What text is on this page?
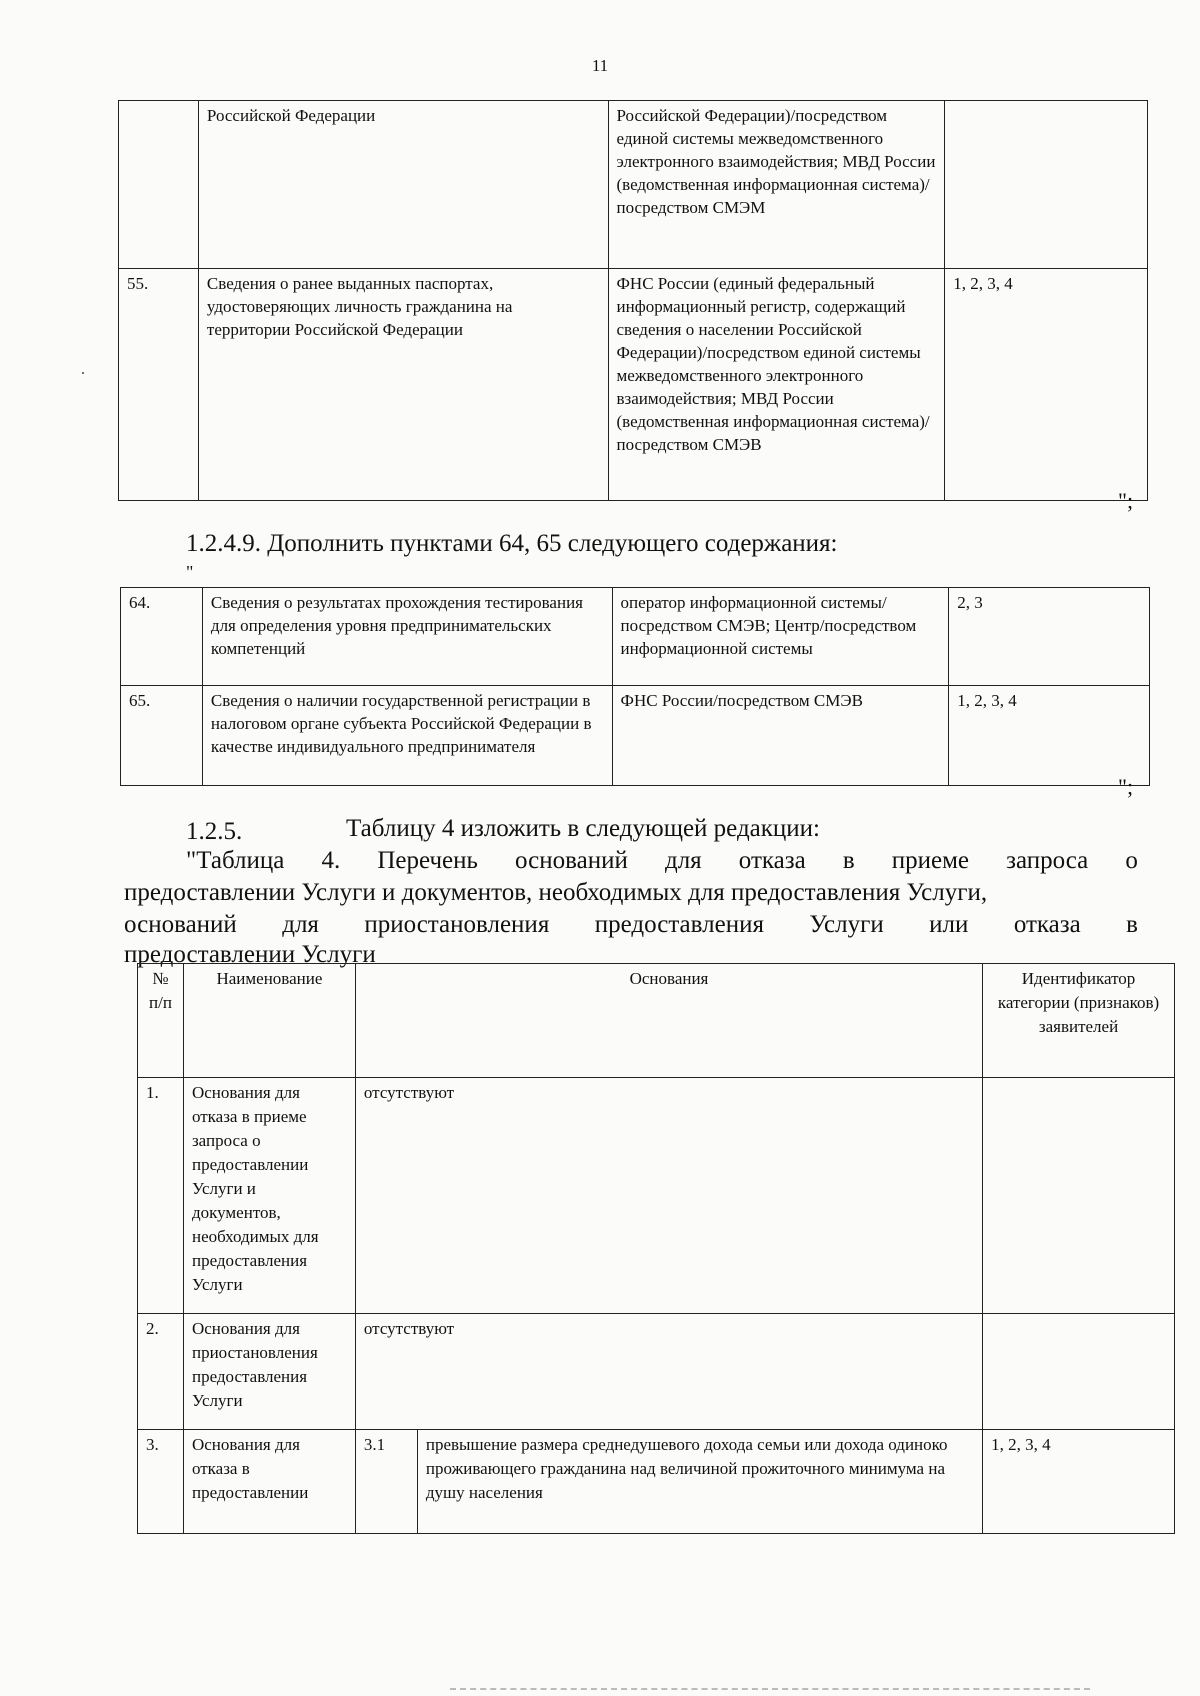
11
	Российской Федерации	Российской Федерации)/посредством единой системы межведомственного электронного взаимодействия; МВД России (ведомственная информационная система)/посредством СМЭМ	
55.	Сведения о ранее выданных паспортах, удостоверяющих личность гражданина на территории Российской Федерации	ФНС России (единый федеральный информационный регистр, содержащий сведения о населении Российской Федерации)/посредством единой системы межведомственного электронного взаимодействия; МВД России (ведомственная информационная система)/посредством СМЭВ	1, 2, 3, 4
";
1.2.4.9. Дополнить пунктами 64, 65 следующего содержания:
"
64.	Сведения о результатах прохождения тестирования для определения уровня предпринимательских компетенций	оператор информационной системы/посредством СМЭВ; Центр/посредством информационной системы	2, 3
65.	Сведения о наличии государственной регистрации в налоговом органе субъекта Российской Федерации в качестве индивидуального предпринимателя	ФНС России/посредством СМЭВ	1, 2, 3, 4
";
1.2.5.	Таблицу 4 изложить в следующей редакции:
"Таблица 4. Перечень оснований для отказа в приеме запроса о
предоставлении Услуги и документов, необходимых для предоставления Услуги,
оснований для приостановления предоставления Услуги или отказа в
предоставлении Услуги
№ п/п	Наименование	Основания		Идентификатор категории (признаков) заявителей
1.	Основания для отказа в приеме запроса о предоставлении Услуги и документов, необходимых для предоставления Услуги	отсутствуют		
2.	Основания для приостановления предоставления Услуги	отсутствуют		
3.	Основания для отказа в предоставлении	3.1	превышение размера среднедушевого дохода семьи или дохода одиноко проживающего гражданина над величиной прожиточного минимума на душу населения	1, 2, 3, 4
